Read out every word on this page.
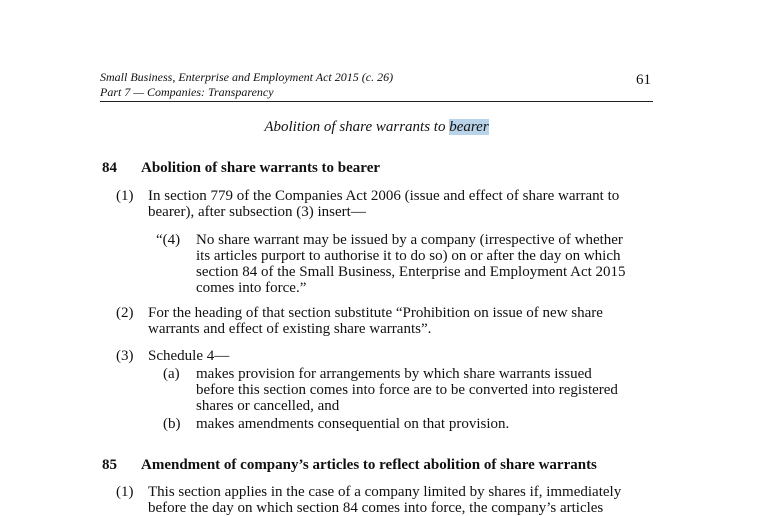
Small Business, Enterprise and Employment Act 2015 (c. 26)
Part 7 — Companies: Transparency
61
Abolition of share warrants to bearer
84 Abolition of share warrants to bearer
(1) In section 779 of the Companies Act 2006 (issue and effect of share warrant to
bearer), after subsection (3) insert—
“(4) No share warrant may be issued by a company (irrespective of whether
its articles purport to authorise it to do so) on or after the day on which
section 84 of the Small Business, Enterprise and Employment Act 2015
comes into force.”
(2) For the heading of that section substitute “Prohibition on issue of new share
warrants and effect of existing share warrants”.
(3) Schedule 4—
(a) makes provision for arrangements by which share warrants issued
before this section comes into force are to be converted into registered
shares or cancelled, and
(b) makes amendments consequential on that provision.
85 Amendment of company’s articles to reflect abolition of share warrants
(1) This section applies in the case of a company limited by shares if, immediately
before the day on which section 84 comes into force, the company’s articles
